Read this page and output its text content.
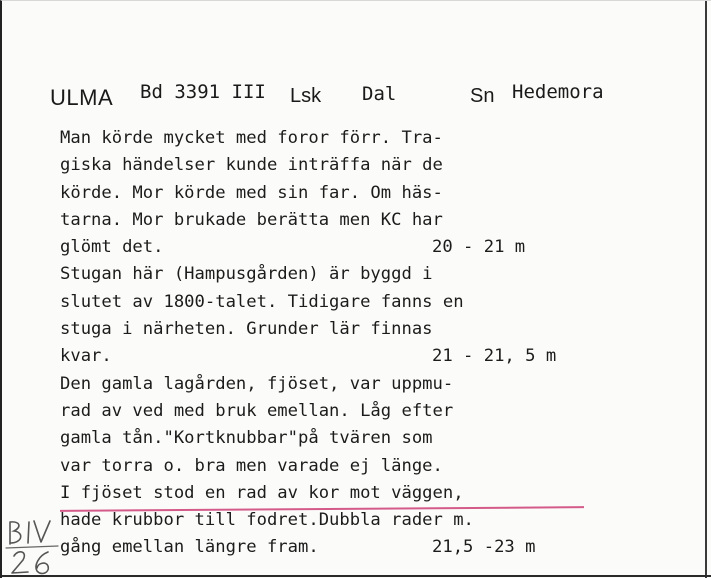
ULMA Bd 3391 III Lsk Dal	Sn Hedemora
Man körde mycket med foror förr. Tra-
giska händelser kunde inträffa när de
körde. Mor körde med sin far. Om häs-
tarna. Mor brukade berätta men KC har
glömt det.	20 - 21 m
Stugan här (Hampusgården) är byggd i
slutet av 1800-talet. Tidigare fanns en
stuga i närheten. Grunder lär finnas
kvar.	21 - 21, 5 m
Den gamla lagården, fjöset, var uppmu-
rad av ved med bruk emellan. Låg efter
gamla tån."Kortknubbar"på tvären som
var torra o. bra men varade ej länge.
I fjöset stod en rad av kor mot väggen,
hade krubbor till fodret.Dubbla rader m.
gång emellan längre fram.	21,5 -23 m
